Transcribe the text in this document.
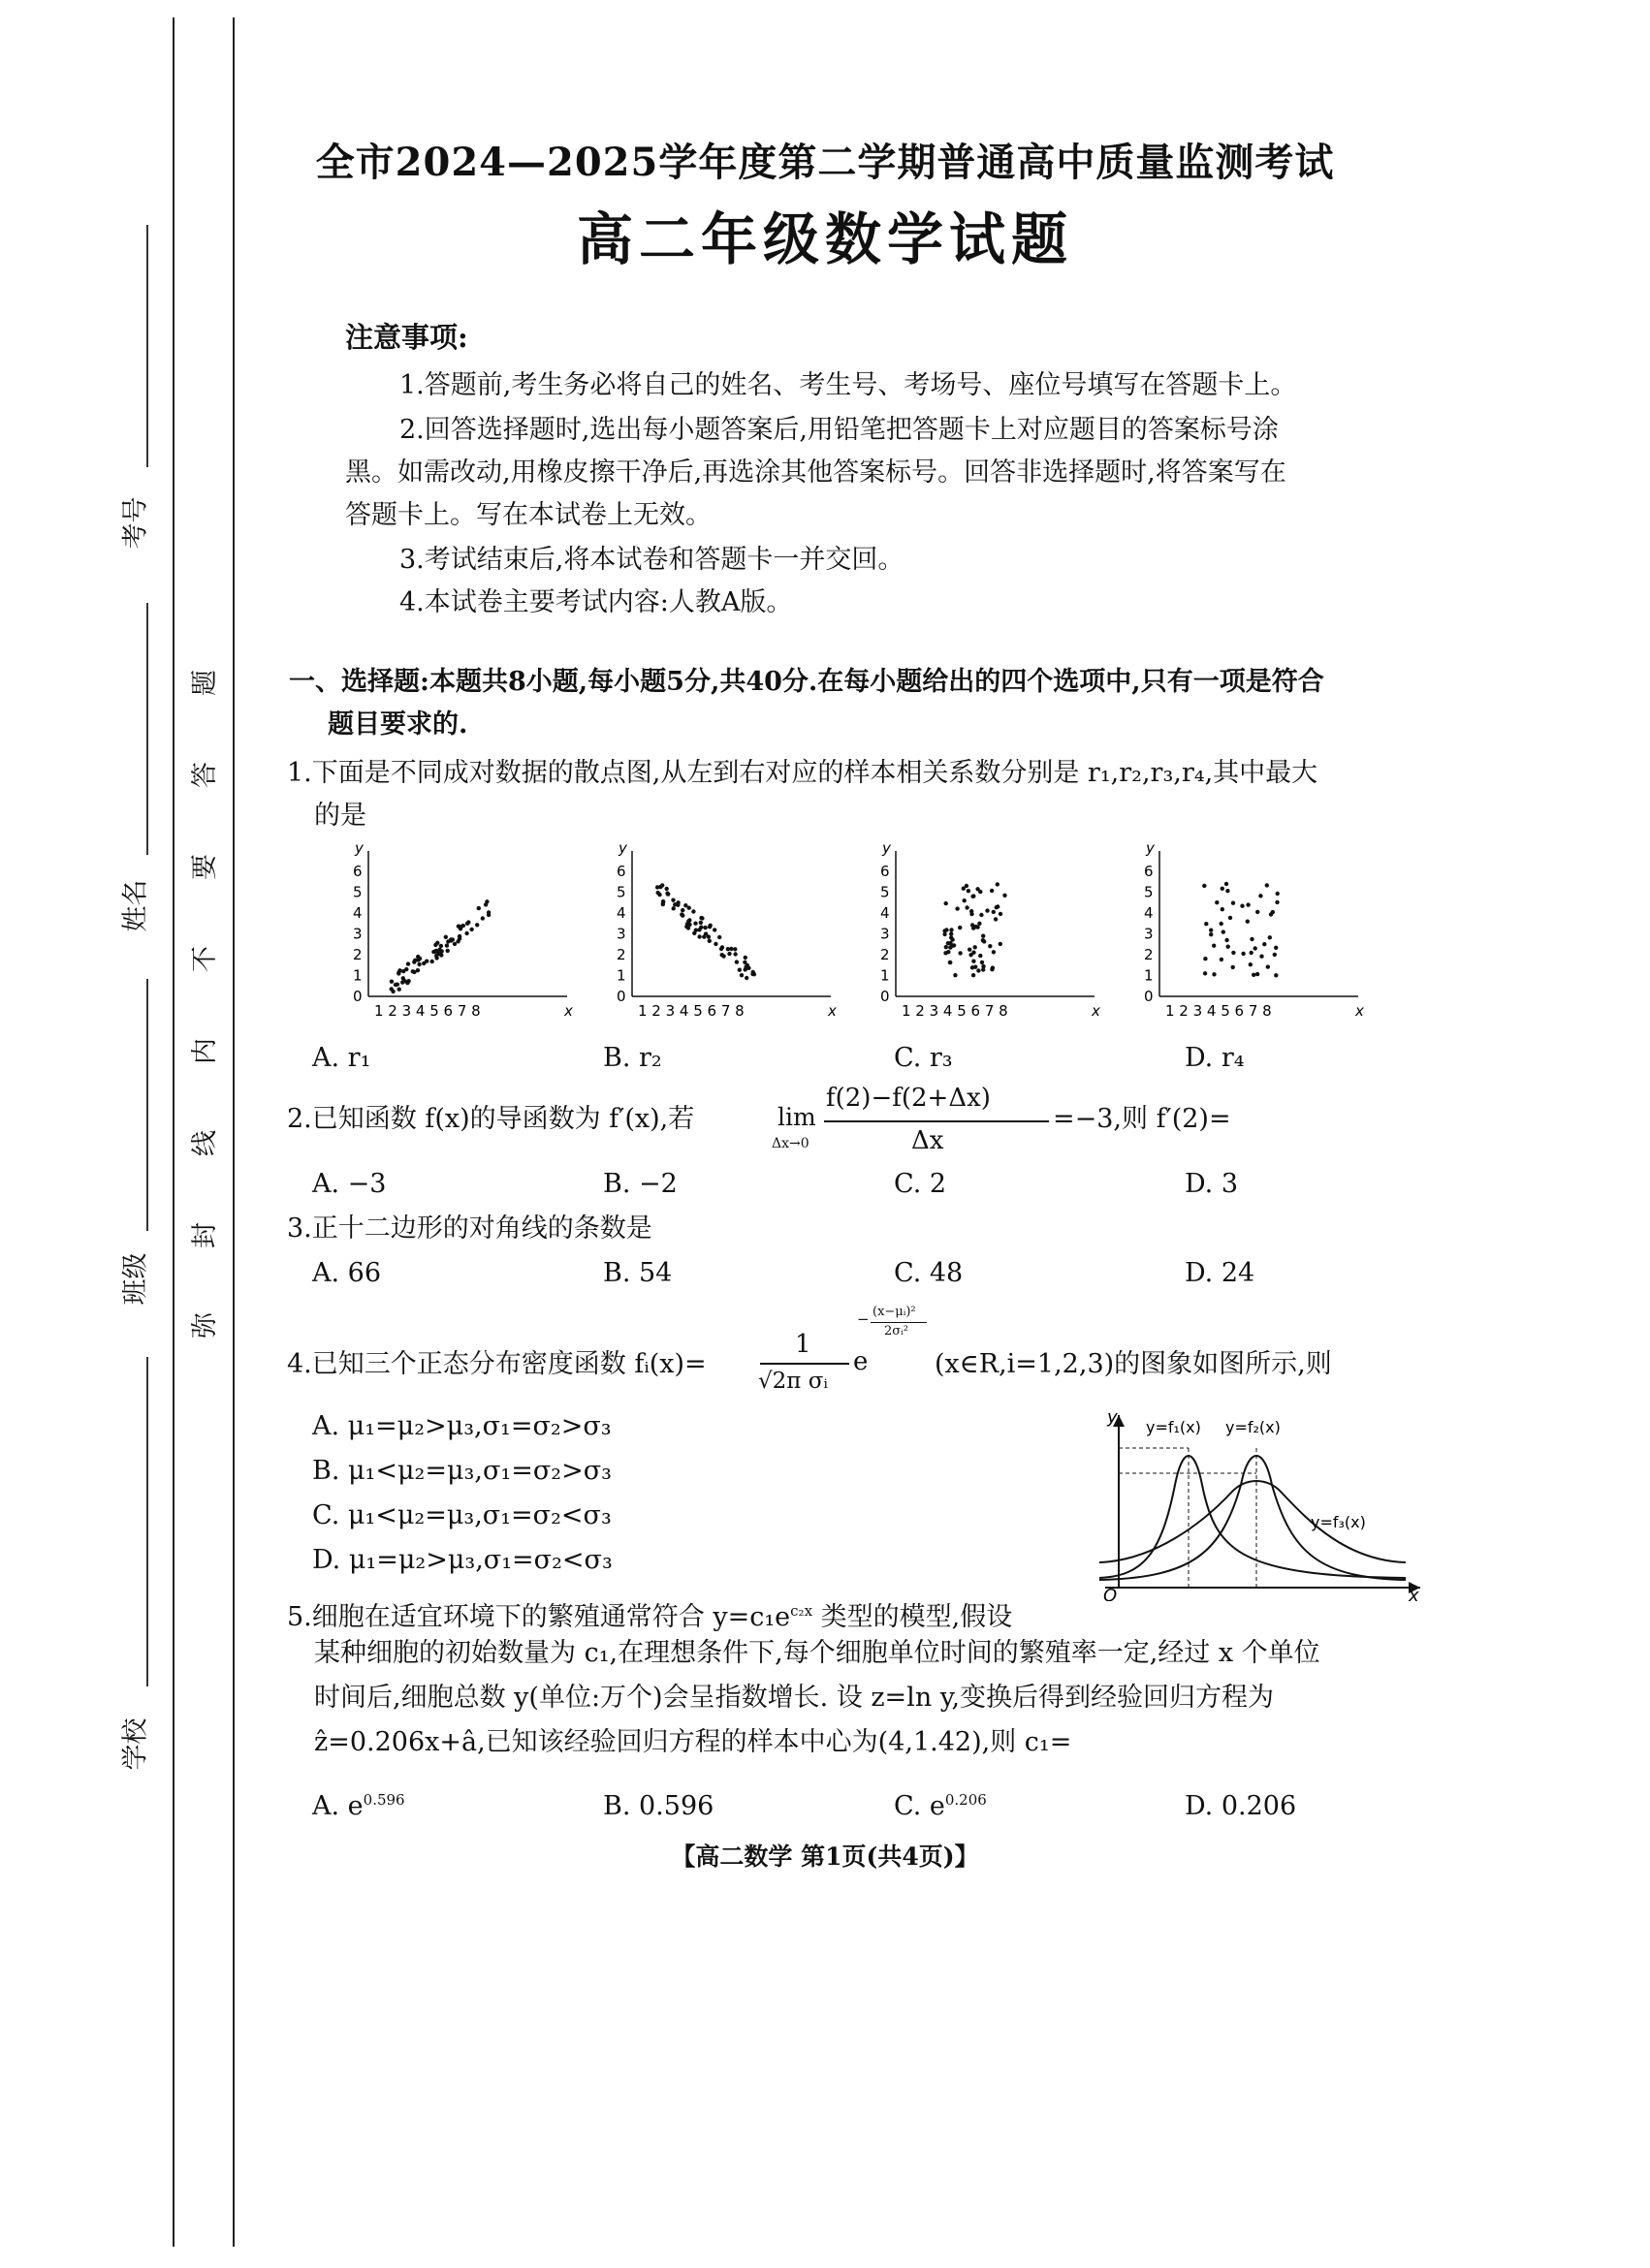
考号
姓名
班级
学校
题
答
要
不
内
线
封
弥
全市2024—2025学年度第二学期普通高中质量监测考试
高二年级数学试题
注意事项:
1.答题前,考生务必将自己的姓名、考生号、考场号、座位号填写在答题卡上。
2.回答选择题时,选出每小题答案后,用铅笔把答题卡上对应题目的答案标号涂
黑。如需改动,用橡皮擦干净后,再选涂其他答案标号。回答非选择题时,将答案写在
答题卡上。写在本试卷上无效。
3.考试结束后,将本试卷和答题卡一并交回。
4.本试卷主要考试内容:人教A版。
一、选择题:本题共8小题,每小题5分,共40分.在每小题给出的四个选项中,只有一项是符合
题目要求的.
1.下面是不同成对数据的散点图,从左到右对应的样本相关系数分别是 r₁,r₂,r₃,r₄,其中最大
的是
y
x
6
5
4
3
2
1
0
1 2 3 4 5 6 7 8
y
x
6
5
4
3
2
1
0
1 2 3 4 5 6 7 8
y
x
6
5
4
3
2
1
0
1 2 3 4 5 6 7 8
y
x
6
5
4
3
2
1
0
1 2 3 4 5 6 7 8
A. r₁	B. r₂	C. r₃	D. r₄
2.已知函数 f(x)的导函数为 f′(x),若	lim
Δx→0
f(2)−f(2+Δx)
Δx
=−3,则 f′(2)=
A. −3	B. −2	C. 2	D. 3
3.正十二边形的对角线的条数是
A. 66	B. 54	C. 48	D. 24
4.已知三个正态分布密度函数 fᵢ(x)=
1
√2π σᵢ
e
− (x−μᵢ)²
2σᵢ²
(x∈R,i=1,2,3)的图象如图所示,则
A. μ₁=μ₂>μ₃,σ₁=σ₂>σ₃
B. μ₁<μ₂=μ₃,σ₁=σ₂>σ₃
C. μ₁<μ₂=μ₃,σ₁=σ₂<σ₃
D. μ₁=μ₂>μ₃,σ₁=σ₂<σ₃
y
x
O
y=f₁(x) y=f₂(x)
y=f₃(x)
5.细胞在适宜环境下的繁殖通常符合 $y=c_1e^{c_2x}$ 类型的模型,假设
某种细胞的初始数量为 c₁,在理想条件下,每个细胞单位时间的繁殖率一定,经过 x 个单位
时间后,细胞总数 y(单位:万个)会呈指数增长. 设 z=ln y,变换后得到经验回归方程为
ẑ=0.206x+â,已知该经验回归方程的样本中心为(4,1.42),则 c₁=
A. $e^{0.596}$	B. 0.596	C. $e^{0.206}$	D. 0.206
【高二数学 第1页(共4页)】
